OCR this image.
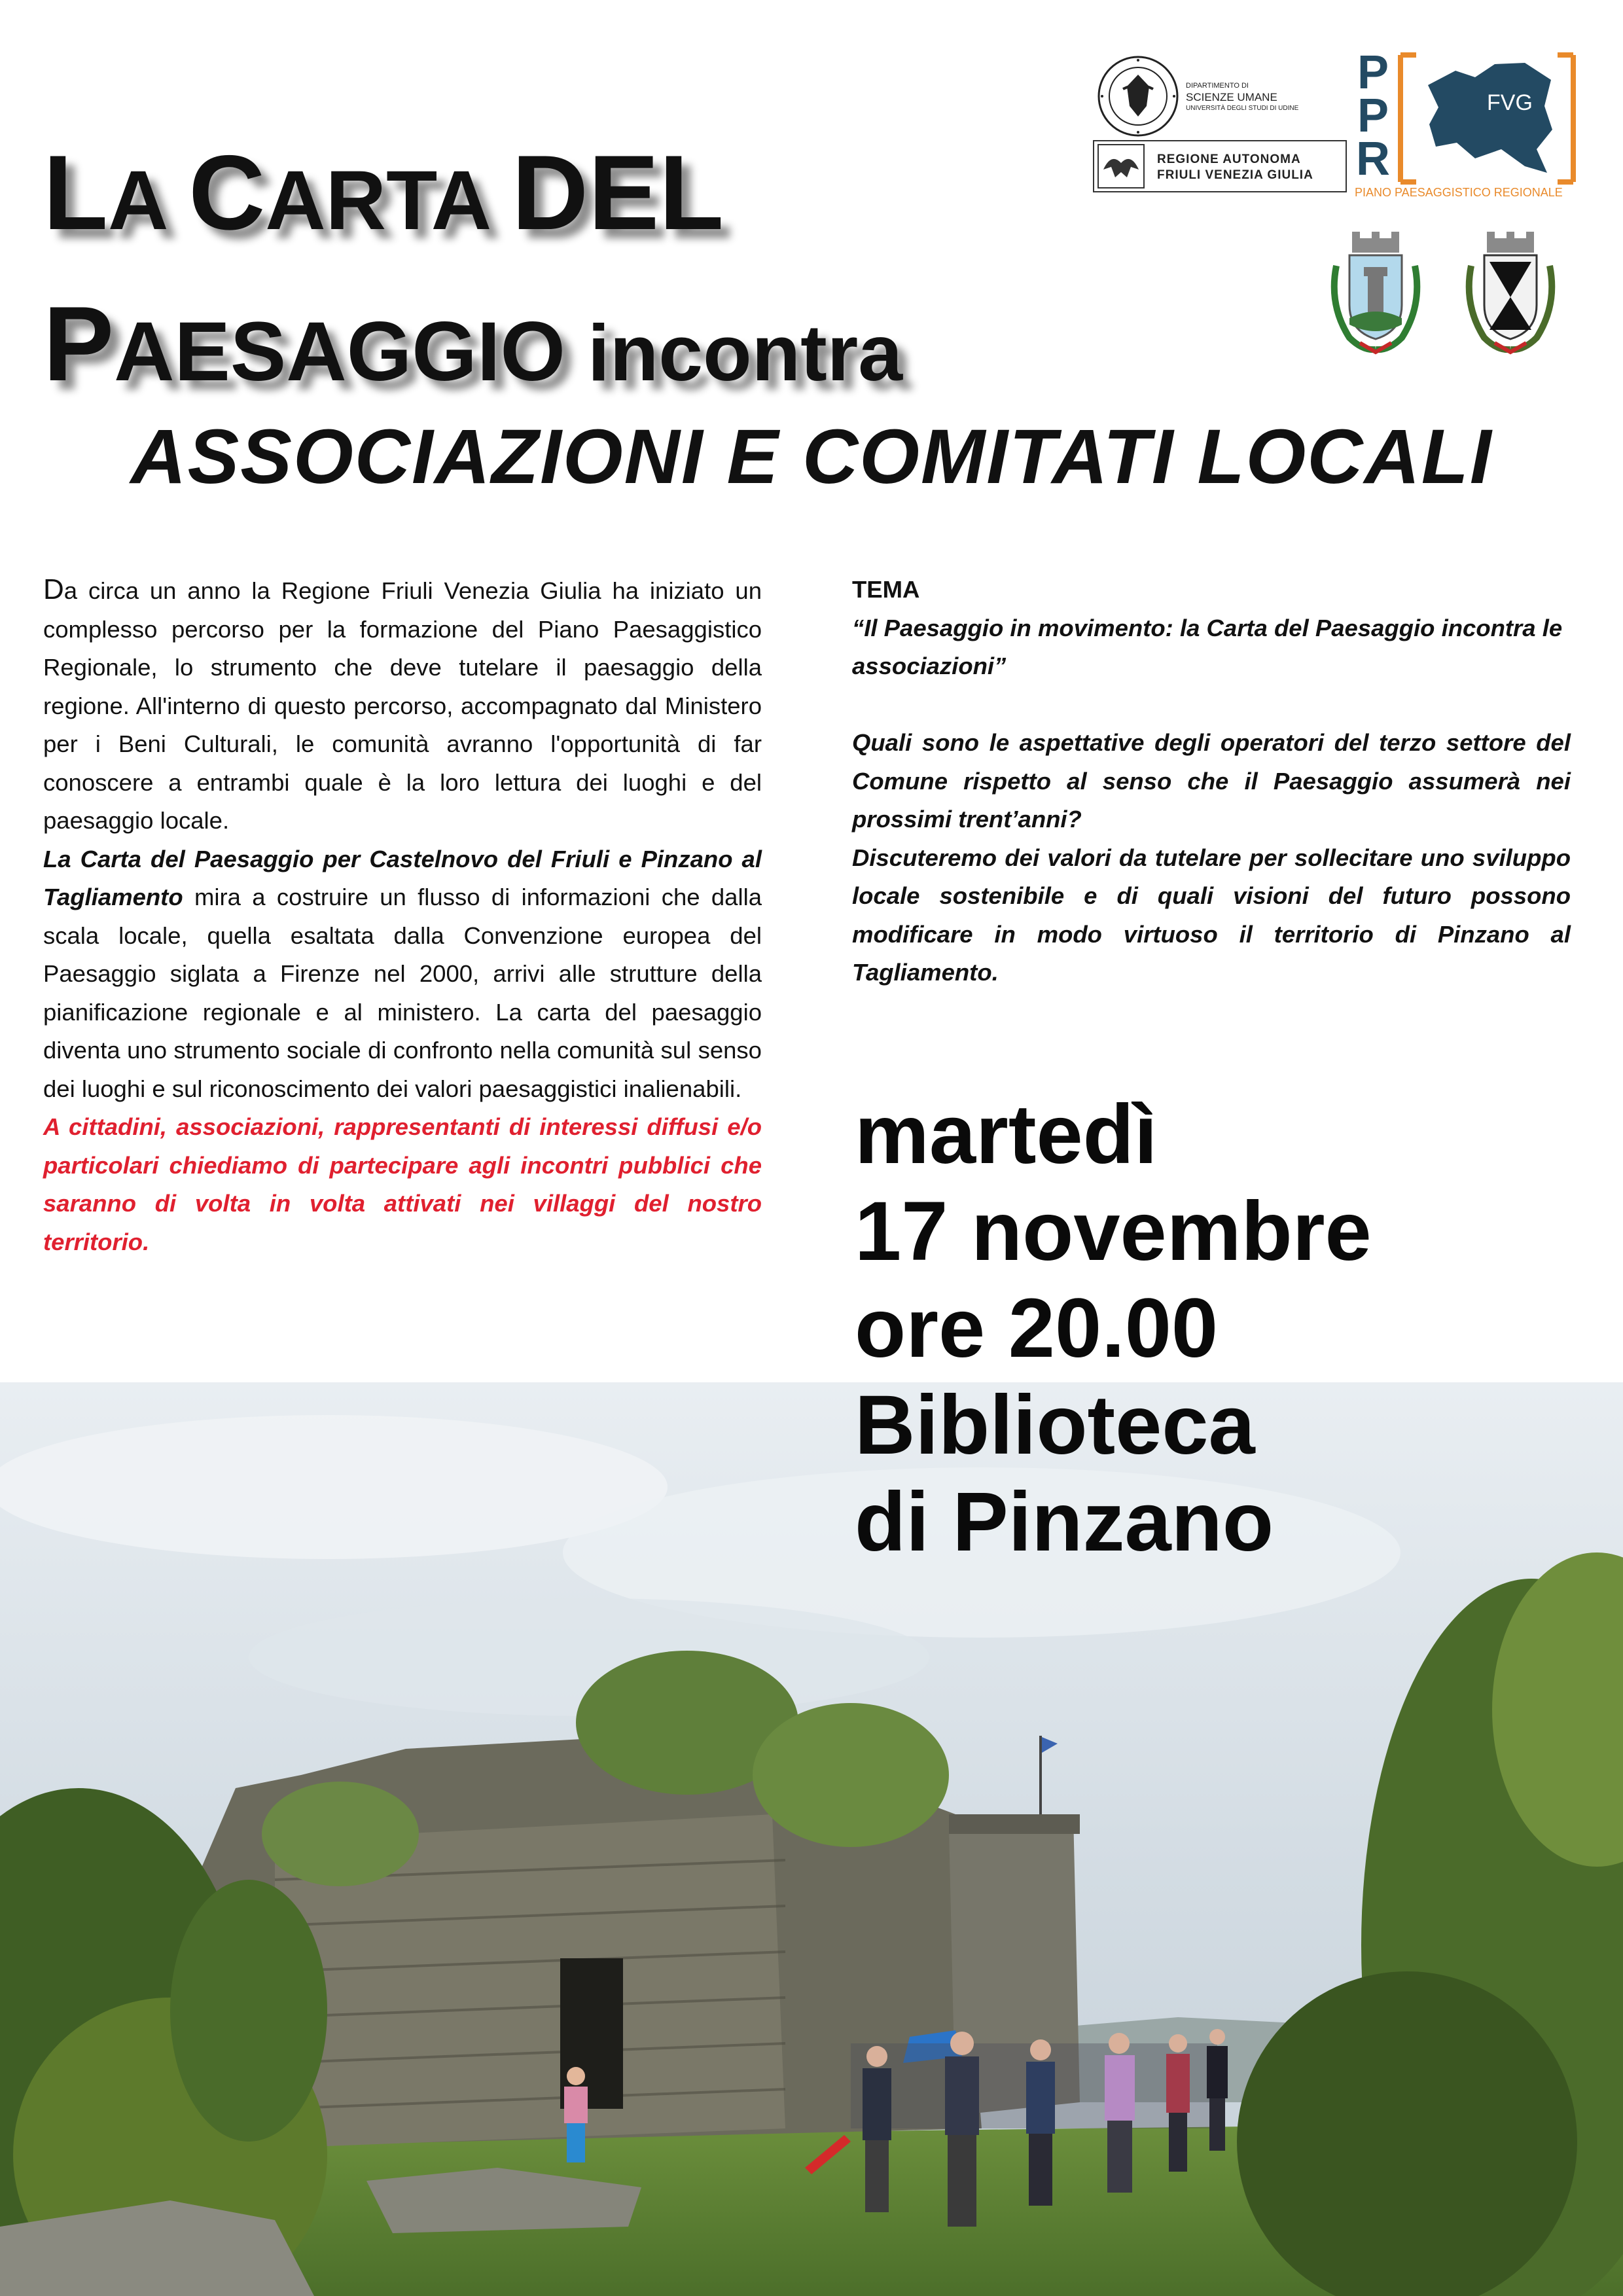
LA CARTA DEL
PAESAGGIO incontra
ASSOCIAZIONI E COMITATI LOCALI
DIPARTIMENTO DI
SCIENZE UMANE
UNIVERSITÀ DEGLI STUDI DI UDINE
REGIONE AUTONOMA
FRIULI VENEZIA GIULIA
PPR
FVG
PIANO PAESAGGISTICO REGIONALE

Da circa un anno la Regione Friuli Venezia Giulia ha iniziato un complesso percorso per la formazione del Piano Paesaggistico Regionale, lo strumento che deve tutelare il paesaggio della regione. All'interno di questo percorso, accompagnato dal Ministero per i Beni Culturali, le comunità avranno l'opportunità di far conoscere a entrambi quale è la loro lettura dei luoghi e del paesaggio locale.

La Carta del Paesaggio per Castelnovo del Friuli e Pinzano al Tagliamento mira a costruire un flusso di informazioni che dalla scala locale, quella esaltata dalla Convenzione europea del Paesaggio siglata a Firenze nel 2000, arrivi alle strutture della pianificazione regionale e al ministero. La carta del paesaggio diventa uno strumento sociale di confronto nella comunità sul senso dei luoghi e sul riconoscimento dei valori paesaggistici inalienabili.

A cittadini, associazioni, rappresentanti di interessi diffusi e/o particolari chiediamo di partecipare agli incontri pubblici che saranno di volta in volta attivati nei villaggi del nostro territorio.

TEMA

“Il Paesaggio in movimento: la Carta del Paesaggio incontra le associazioni”

Quali sono le aspettative degli operatori del terzo settore del Comune rispetto al senso che il Paesaggio assumerà nei prossimi trent’anni?

Discuteremo dei valori da tutelare per sollecitare uno sviluppo locale sostenibile e di quali visioni del futuro possono modificare in modo virtuoso il territorio di Pinzano al Tagliamento.

martedì
17 novembre
ore 20.00
Biblioteca
di Pinzano
